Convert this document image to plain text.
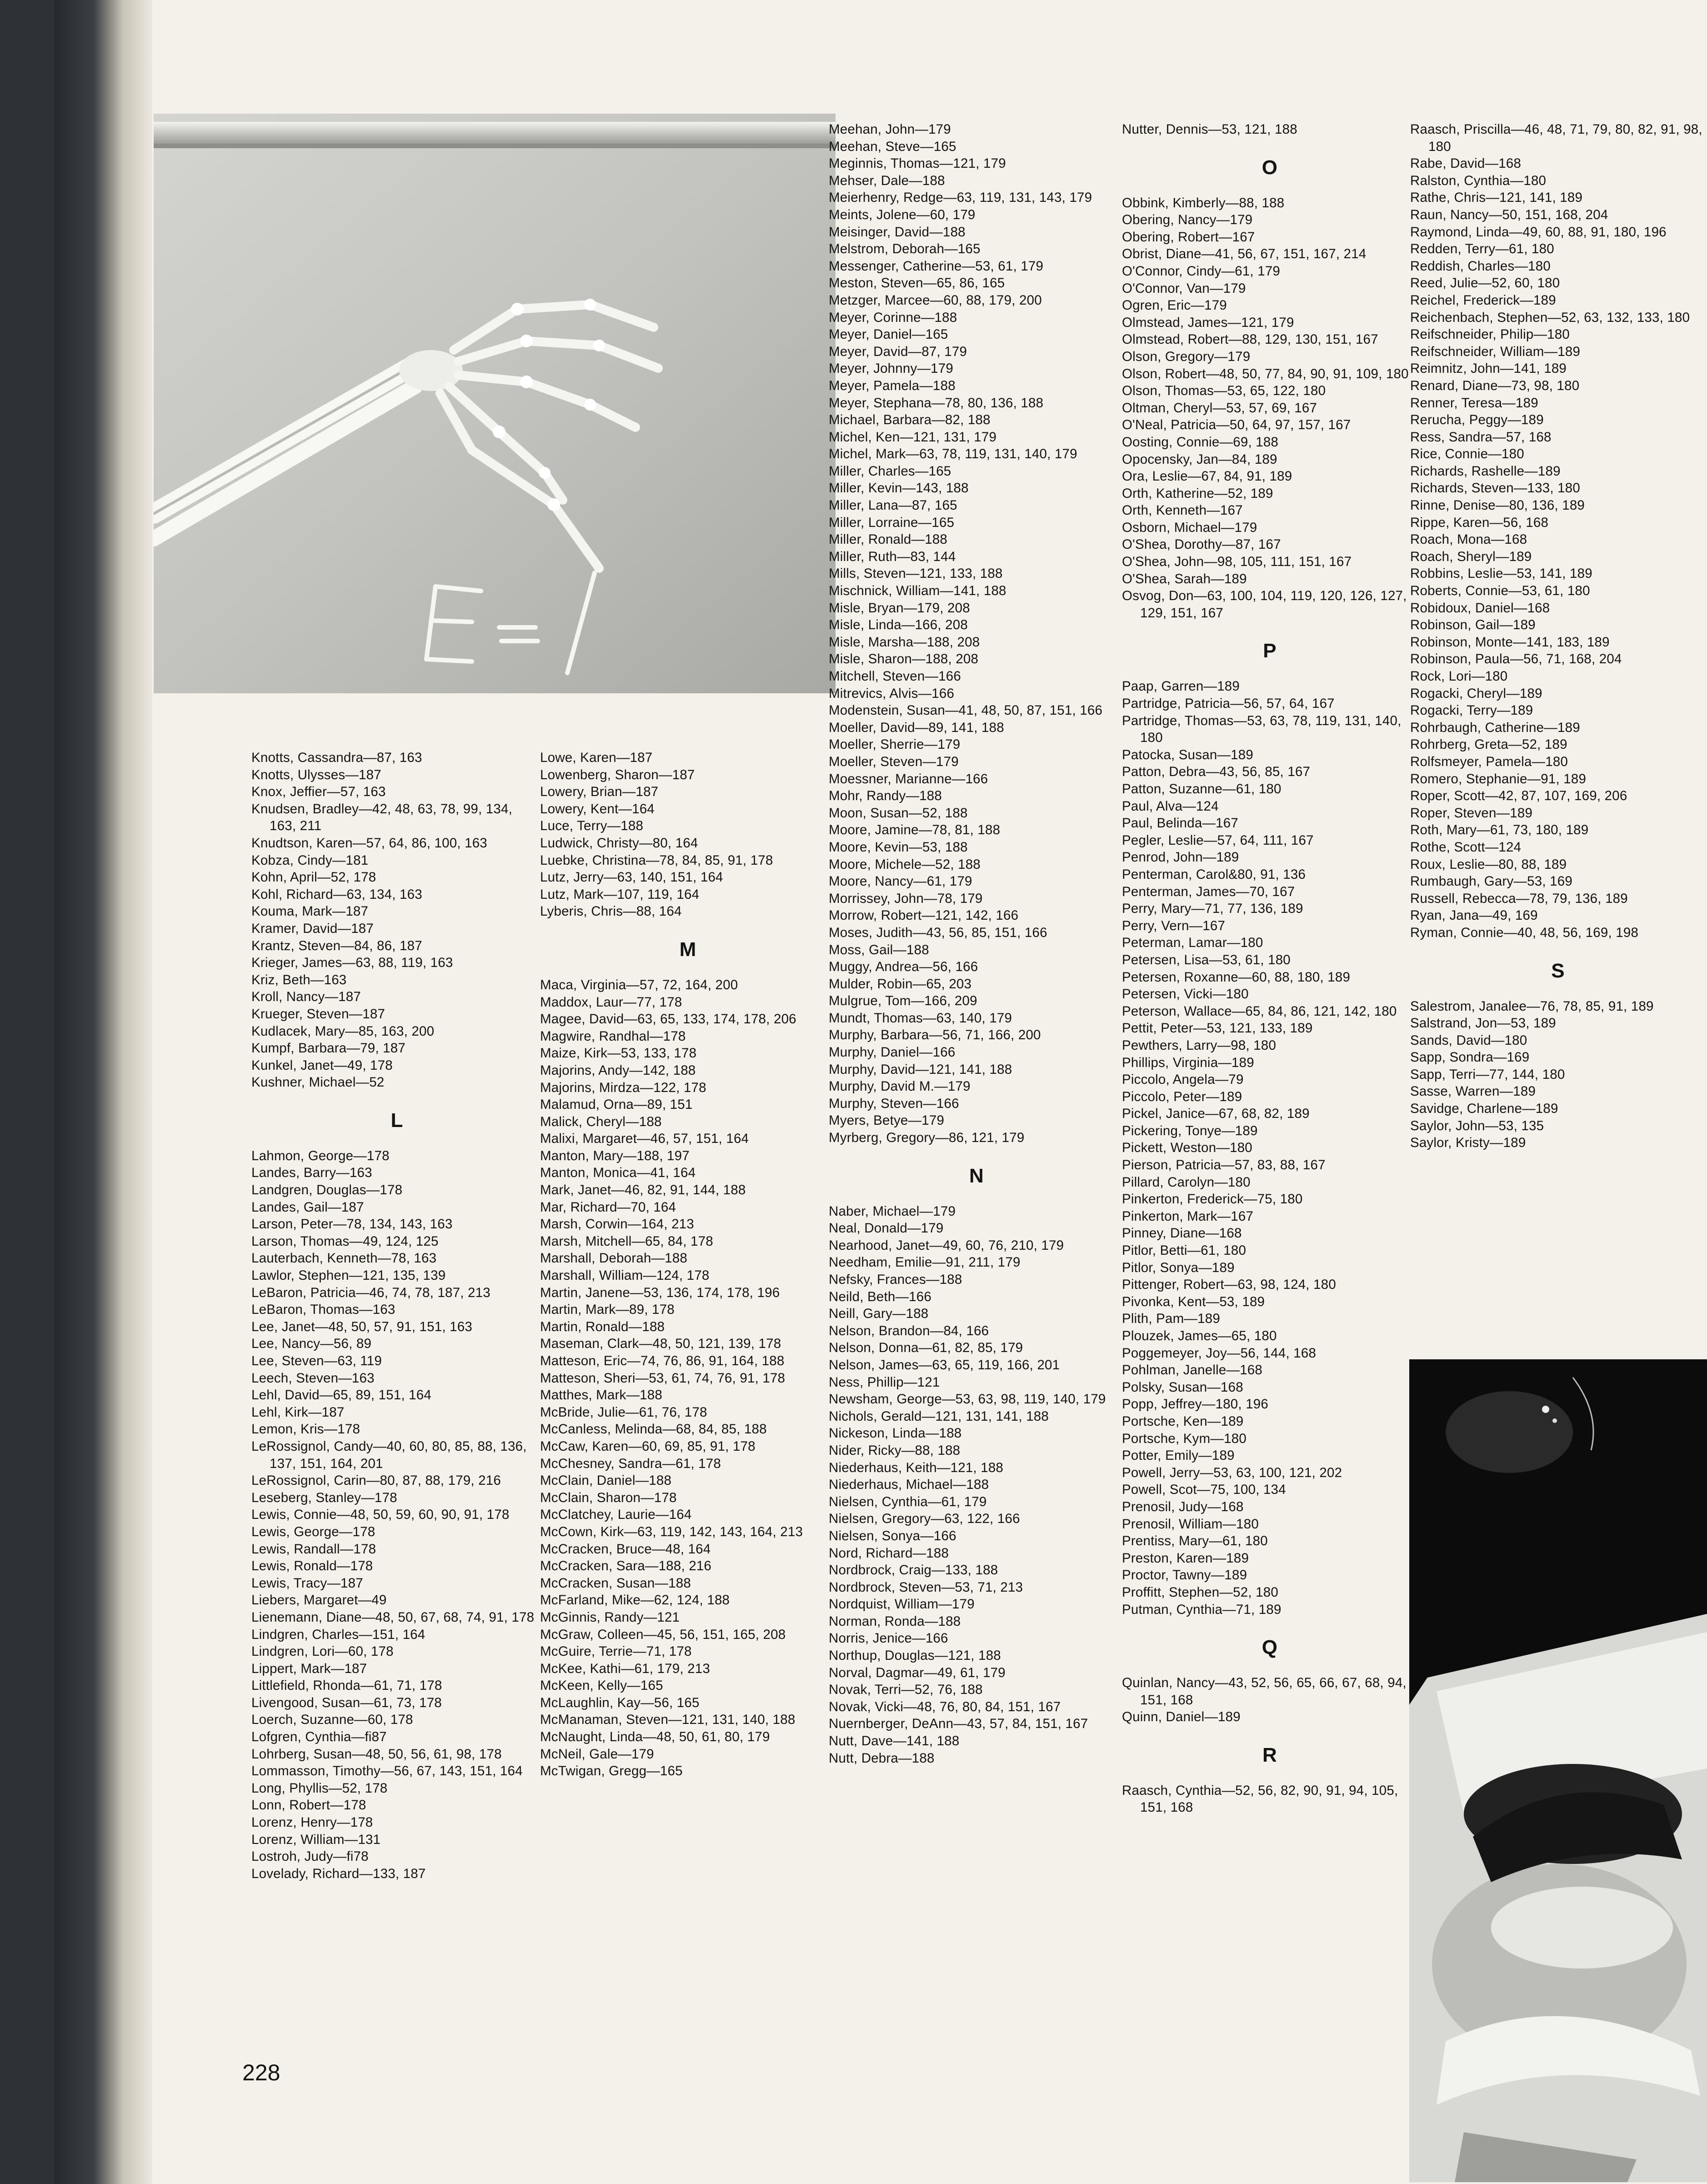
Knotts, Cassandra—87, 163
Knotts, Ulysses—187
Knox, Jeffier—57, 163
Knudsen, Bradley—42, 48, 63, 78, 99, 134, 163, 211
Knudtson, Karen—57, 64, 86, 100, 163
Kobza, Cindy—181
Kohn, April—52, 178
Kohl, Richard—63, 134, 163
Kouma, Mark—187
Kramer, David—187
Krantz, Steven—84, 86, 187
Krieger, James—63, 88, 119, 163
Kriz, Beth—163
Kroll, Nancy—187
Krueger, Steven—187
Kudlacek, Mary—85, 163, 200
Kumpf, Barbara—79, 187
Kunkel, Janet—49, 178
Kushner, Michael—52
L
Lahmon, George—178
Landes, Barry—163
Landgren, Douglas—178
Landes, Gail—187
Larson, Peter—78, 134, 143, 163
Larson, Thomas—49, 124, 125
Lauterbach, Kenneth—78, 163
Lawlor, Stephen—121, 135, 139
LeBaron, Patricia—46, 74, 78, 187, 213
LeBaron, Thomas—163
Lee, Janet—48, 50, 57, 91, 151, 163
Lee, Nancy—56, 89
Lee, Steven—63, 119
Leech, Steven—163
Lehl, David—65, 89, 151, 164
Lehl, Kirk—187
Lemon, Kris—178
LeRossignol, Candy—40, 60, 80, 85, 88, 136, 137, 151, 164, 201
LeRossignol, Carin—80, 87, 88, 179, 216
Leseberg, Stanley—178
Lewis, Connie—48, 50, 59, 60, 90, 91, 178
Lewis, George—178
Lewis, Randall—178
Lewis, Ronald—178
Lewis, Tracy—187
Liebers, Margaret—49
Lienemann, Diane—48, 50, 67, 68, 74, 91, 178
Lindgren, Charles—151, 164
Lindgren, Lori—60, 178
Lippert, Mark—187
Littlefield, Rhonda—61, 71, 178
Livengood, Susan—61, 73, 178
Loerch, Suzanne—60, 178
Lofgren, Cynthia—fi87
Lohrberg, Susan—48, 50, 56, 61, 98, 178
Lommasson, Timothy—56, 67, 143, 151, 164
Long, Phyllis—52, 178
Lonn, Robert—178
Lorenz, Henry—178
Lorenz, William—131
Lostroh, Judy—fi78
Lovelady, Richard—133, 187
Lowe, Karen—187
Lowenberg, Sharon—187
Lowery, Brian—187
Lowery, Kent—164
Luce, Terry—188
Ludwick, Christy—80, 164
Luebke, Christina—78, 84, 85, 91, 178
Lutz, Jerry—63, 140, 151, 164
Lutz, Mark—107, 119, 164
Lyberis, Chris—88, 164
M
Maca, Virginia—57, 72, 164, 200
Maddox, Laur—77, 178
Magee, David—63, 65, 133, 174, 178, 206
Magwire, Randhal—178
Maize, Kirk—53, 133, 178
Majorins, Andy—142, 188
Majorins, Mirdza—122, 178
Malamud, Orna—89, 151
Malick, Cheryl—188
Malixi, Margaret—46, 57, 151, 164
Manton, Mary—188, 197
Manton, Monica—41, 164
Mark, Janet—46, 82, 91, 144, 188
Mar, Richard—70, 164
Marsh, Corwin—164, 213
Marsh, Mitchell—65, 84, 178
Marshall, Deborah—188
Marshall, William—124, 178
Martin, Janene—53, 136, 174, 178, 196
Martin, Mark—89, 178
Martin, Ronald—188
Maseman, Clark—48, 50, 121, 139, 178
Matteson, Eric—74, 76, 86, 91, 164, 188
Matteson, Sheri—53, 61, 74, 76, 91, 178
Matthes, Mark—188
McBride, Julie—61, 76, 178
McCanless, Melinda—68, 84, 85, 188
McCaw, Karen—60, 69, 85, 91, 178
McChesney, Sandra—61, 178
McClain, Daniel—188
McClain, Sharon—178
McClatchey, Laurie—164
McCown, Kirk—63, 119, 142, 143, 164, 213
McCracken, Bruce—48, 164
McCracken, Sara—188, 216
McCracken, Susan—188
McFarland, Mike—62, 124, 188
McGinnis, Randy—121
McGraw, Colleen—45, 56, 151, 165, 208
McGuire, Terrie—71, 178
McKee, Kathi—61, 179, 213
McKeen, Kelly—165
McLaughlin, Kay—56, 165
McManaman, Steven—121, 131, 140, 188
McNaught, Linda—48, 50, 61, 80, 179
McNeil, Gale—179
McTwigan, Gregg—165
Meehan, John—179
Meehan, Steve—165
Meginnis, Thomas—121, 179
Mehser, Dale—188
Meierhenry, Redge—63, 119, 131, 143, 179
Meints, Jolene—60, 179
Meisinger, David—188
Melstrom, Deborah—165
Messenger, Catherine—53, 61, 179
Meston, Steven—65, 86, 165
Metzger, Marcee—60, 88, 179, 200
Meyer, Corinne—188
Meyer, Daniel—165
Meyer, David—87, 179
Meyer, Johnny—179
Meyer, Pamela—188
Meyer, Stephana—78, 80, 136, 188
Michael, Barbara—82, 188
Michel, Ken—121, 131, 179
Michel, Mark—63, 78, 119, 131, 140, 179
Miller, Charles—165
Miller, Kevin—143, 188
Miller, Lana—87, 165
Miller, Lorraine—165
Miller, Ronald—188
Miller, Ruth—83, 144
Mills, Steven—121, 133, 188
Mischnick, William—141, 188
Misle, Bryan—179, 208
Misle, Linda—166, 208
Misle, Marsha—188, 208
Misle, Sharon—188, 208
Mitchell, Steven—166
Mitrevics, Alvis—166
Modenstein, Susan—41, 48, 50, 87, 151, 166
Moeller, David—89, 141, 188
Moeller, Sherrie—179
Moeller, Steven—179
Moessner, Marianne—166
Mohr, Randy—188
Moon, Susan—52, 188
Moore, Jamine—78, 81, 188
Moore, Kevin—53, 188
Moore, Michele—52, 188
Moore, Nancy—61, 179
Morrissey, John—78, 179
Morrow, Robert—121, 142, 166
Moses, Judith—43, 56, 85, 151, 166
Moss, Gail—188
Muggy, Andrea—56, 166
Mulder, Robin—65, 203
Mulgrue, Tom—166, 209
Mundt, Thomas—63, 140, 179
Murphy, Barbara—56, 71, 166, 200
Murphy, Daniel—166
Murphy, David—121, 141, 188
Murphy, David M.—179
Murphy, Steven—166
Myers, Betye—179
Myrberg, Gregory—86, 121, 179
N
Naber, Michael—179
Neal, Donald—179
Nearhood, Janet—49, 60, 76, 210, 179
Needham, Emilie—91, 211, 179
Nefsky, Frances—188
Neild, Beth—166
Neill, Gary—188
Nelson, Brandon—84, 166
Nelson, Donna—61, 82, 85, 179
Nelson, James—63, 65, 119, 166, 201
Ness, Phillip—121
Newsham, George—53, 63, 98, 119, 140, 179
Nichols, Gerald—121, 131, 141, 188
Nickeson, Linda—188
Nider, Ricky—88, 188
Niederhaus, Keith—121, 188
Niederhaus, Michael—188
Nielsen, Cynthia—61, 179
Nielsen, Gregory—63, 122, 166
Nielsen, Sonya—166
Nord, Richard—188
Nordbrock, Craig—133, 188
Nordbrock, Steven—53, 71, 213
Nordquist, William—179
Norman, Ronda—188
Norris, Jenice—166
Northup, Douglas—121, 188
Norval, Dagmar—49, 61, 179
Novak, Terri—52, 76, 188
Novak, Vicki—48, 76, 80, 84, 151, 167
Nuernberger, DeAnn—43, 57, 84, 151, 167
Nutt, Dave—141, 188
Nutt, Debra—188
Nutter, Dennis—53, 121, 188
O
Obbink, Kimberly—88, 188
Obering, Nancy—179
Obering, Robert—167
Obrist, Diane—41, 56, 67, 151, 167, 214
O'Connor, Cindy—61, 179
O'Connor, Van—179
Ogren, Eric—179
Olmstead, James—121, 179
Olmstead, Robert—88, 129, 130, 151, 167
Olson, Gregory—179
Olson, Robert—48, 50, 77, 84, 90, 91, 109, 180
Olson, Thomas—53, 65, 122, 180
Oltman, Cheryl—53, 57, 69, 167
O'Neal, Patricia—50, 64, 97, 157, 167
Oosting, Connie—69, 188
Opocensky, Jan—84, 189
Ora, Leslie—67, 84, 91, 189
Orth, Katherine—52, 189
Orth, Kenneth—167
Osborn, Michael—179
O'Shea, Dorothy—87, 167
O'Shea, John—98, 105, 111, 151, 167
O'Shea, Sarah—189
Osvog, Don—63, 100, 104, 119, 120, 126, 127, 129, 151, 167
P
Paap, Garren—189
Partridge, Patricia—56, 57, 64, 167
Partridge, Thomas—53, 63, 78, 119, 131, 140, 180
Patocka, Susan—189
Patton, Debra—43, 56, 85, 167
Patton, Suzanne—61, 180
Paul, Alva—124
Paul, Belinda—167
Pegler, Leslie—57, 64, 111, 167
Penrod, John—189
Penterman, Carol&80, 91, 136
Penterman, James—70, 167
Perry, Mary—71, 77, 136, 189
Perry, Vern—167
Peterman, Lamar—180
Petersen, Lisa—53, 61, 180
Petersen, Roxanne—60, 88, 180, 189
Petersen, Vicki—180
Peterson, Wallace—65, 84, 86, 121, 142, 180
Pettit, Peter—53, 121, 133, 189
Pewthers, Larry—98, 180
Phillips, Virginia—189
Piccolo, Angela—79
Piccolo, Peter—189
Pickel, Janice—67, 68, 82, 189
Pickering, Tonye—189
Pickett, Weston—180
Pierson, Patricia—57, 83, 88, 167
Pillard, Carolyn—180
Pinkerton, Frederick—75, 180
Pinkerton, Mark—167
Pinney, Diane—168
Pitlor, Betti—61, 180
Pitlor, Sonya—189
Pittenger, Robert—63, 98, 124, 180
Pivonka, Kent—53, 189
Plith, Pam—189
Plouzek, James—65, 180
Poggemeyer, Joy—56, 144, 168
Pohlman, Janelle—168
Polsky, Susan—168
Popp, Jeffrey—180, 196
Portsche, Ken—189
Portsche, Kym—180
Potter, Emily—189
Powell, Jerry—53, 63, 100, 121, 202
Powell, Scot—75, 100, 134
Prenosil, Judy—168
Prenosil, William—180
Prentiss, Mary—61, 180
Preston, Karen—189
Proctor, Tawny—189
Proffitt, Stephen—52, 180
Putman, Cynthia—71, 189
Q
Quinlan, Nancy—43, 52, 56, 65, 66, 67, 68, 94, 151, 168
Quinn, Daniel—189
R
Raasch, Cynthia—52, 56, 82, 90, 91, 94, 105, 151, 168
Raasch, Priscilla—46, 48, 71, 79, 80, 82, 91, 98, 180
Rabe, David—168
Ralston, Cynthia—180
Rathe, Chris—121, 141, 189
Raun, Nancy—50, 151, 168, 204
Raymond, Linda—49, 60, 88, 91, 180, 196
Redden, Terry—61, 180
Reddish, Charles—180
Reed, Julie—52, 60, 180
Reichel, Frederick—189
Reichenbach, Stephen—52, 63, 132, 133, 180
Reifschneider, Philip—180
Reifschneider, William—189
Reimnitz, John—141, 189
Renard, Diane—73, 98, 180
Renner, Teresa—189
Rerucha, Peggy—189
Ress, Sandra—57, 168
Rice, Connie—180
Richards, Rashelle—189
Richards, Steven—133, 180
Rinne, Denise—80, 136, 189
Rippe, Karen—56, 168
Roach, Mona—168
Roach, Sheryl—189
Robbins, Leslie—53, 141, 189
Roberts, Connie—53, 61, 180
Robidoux, Daniel—168
Robinson, Gail—189
Robinson, Monte—141, 183, 189
Robinson, Paula—56, 71, 168, 204
Rock, Lori—180
Rogacki, Cheryl—189
Rogacki, Terry—189
Rohrbaugh, Catherine—189
Rohrberg, Greta—52, 189
Rolfsmeyer, Pamela—180
Romero, Stephanie—91, 189
Roper, Scott—42, 87, 107, 169, 206
Roper, Steven—189
Roth, Mary—61, 73, 180, 189
Rothe, Scott—124
Roux, Leslie—80, 88, 189
Rumbaugh, Gary—53, 169
Russell, Rebecca—78, 79, 136, 189
Ryan, Jana—49, 169
Ryman, Connie—40, 48, 56, 169, 198
S
Salestrom, Janalee—76, 78, 85, 91, 189
Salstrand, Jon—53, 189
Sands, David—180
Sapp, Sondra—169
Sapp, Terri—77, 144, 180
Sasse, Warren—189
Savidge, Charlene—189
Saylor, John—53, 135
Saylor, Kristy—189
228
